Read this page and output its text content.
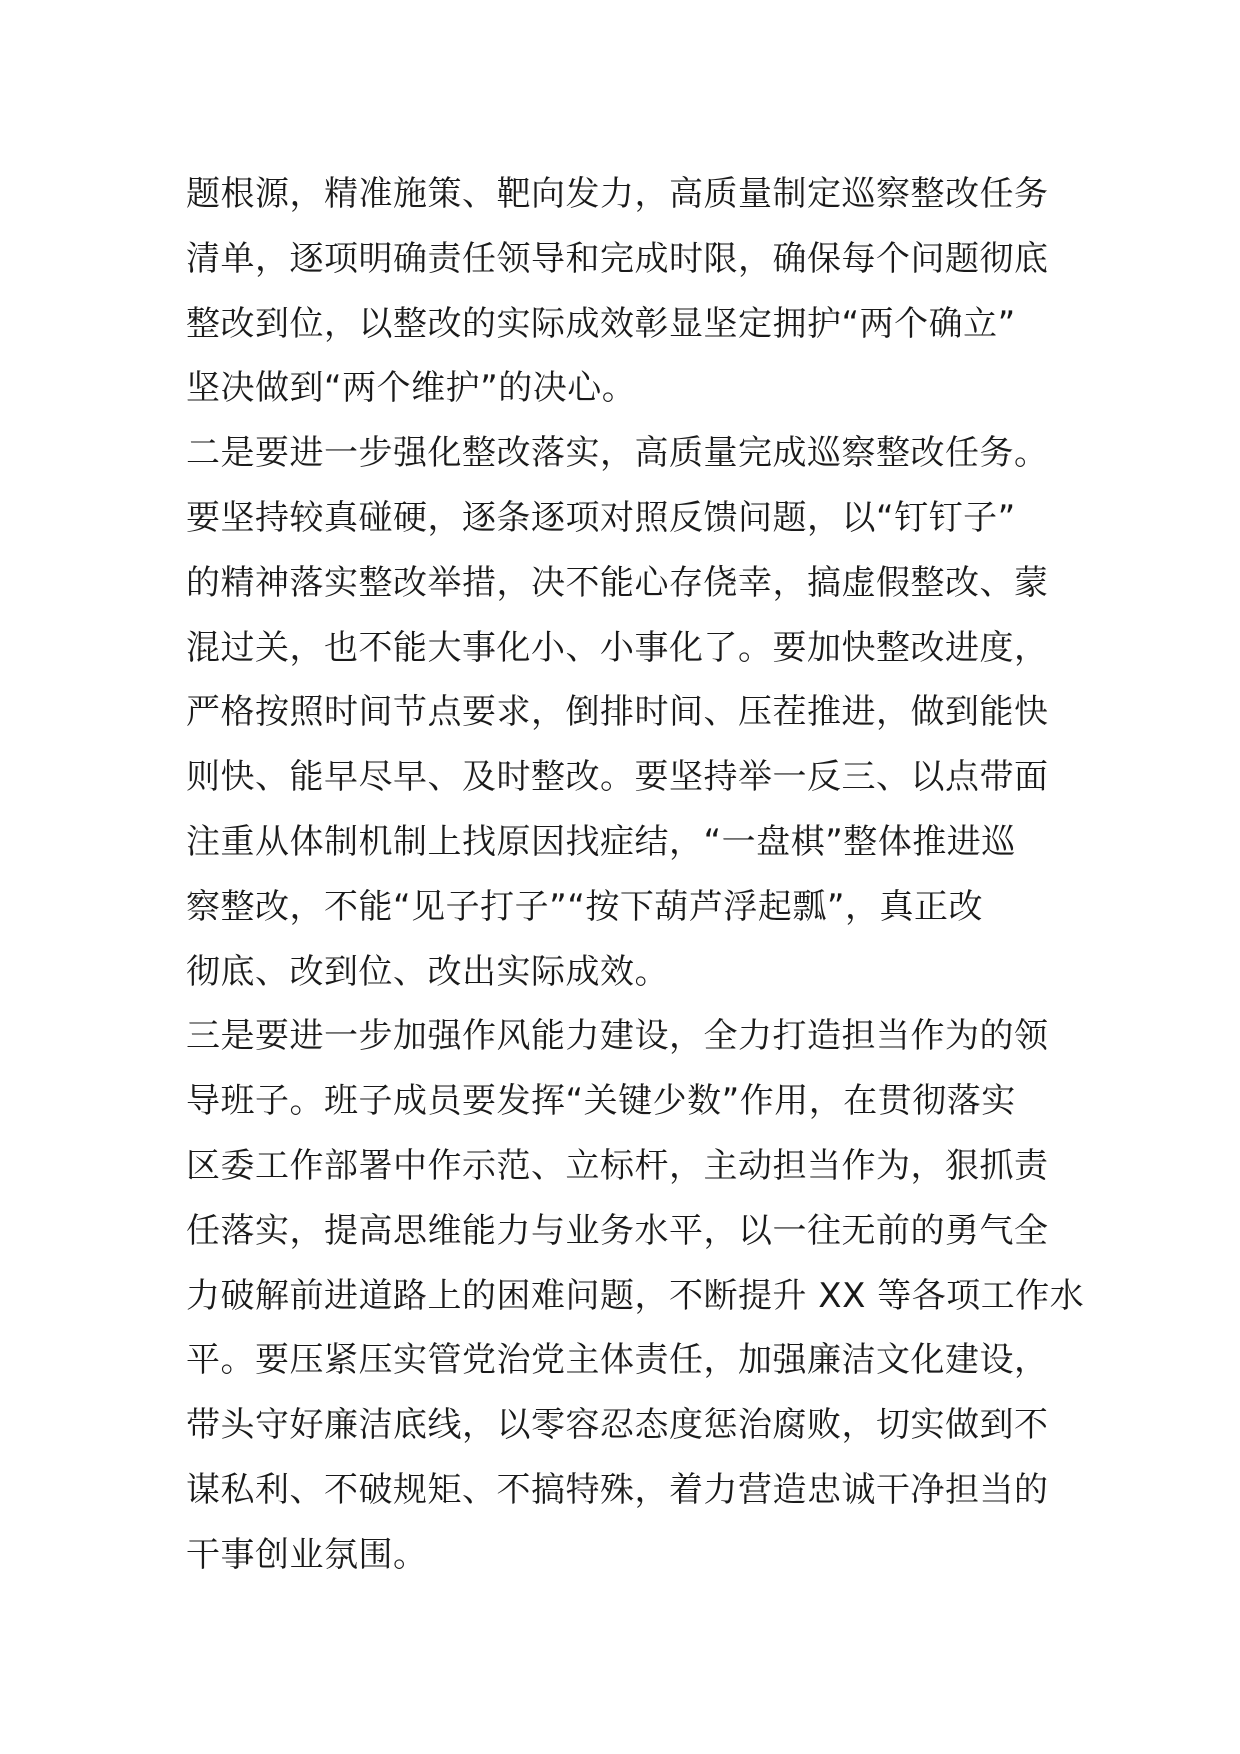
题根源，精准施策、靶向发力，高质量制定巡察整改任务
清单，逐项明确责任领导和完成时限，确保每个问题彻底
整改到位，以整改的实际成效彰显坚定拥护“两个确立”
坚决做到“两个维护”的决心。
二是要进一步强化整改落实，高质量完成巡察整改任务。
要坚持较真碰硬，逐条逐项对照反馈问题，以“钉钉子”
的精神落实整改举措，决不能心存侥幸，搞虚假整改、蒙
混过关，也不能大事化小、小事化了。要加快整改进度，
严格按照时间节点要求，倒排时间、压茬推进，做到能快
则快、能早尽早、及时整改。要坚持举一反三、以点带面
注重从体制机制上找原因找症结，“一盘棋”整体推进巡
察整改，不能“见子打子”“按下葫芦浮起瓢”，真正改
彻底、改到位、改出实际成效。
三是要进一步加强作风能力建设，全力打造担当作为的领
导班子。班子成员要发挥“关键少数”作用，在贯彻落实
区委工作部署中作示范、立标杆，主动担当作为，狠抓责
任落实，提高思维能力与业务水平，以一往无前的勇气全
力破解前进道路上的困难问题，不断提升 XX 等各项工作水
平。要压紧压实管党治党主体责任，加强廉洁文化建设，
带头守好廉洁底线，以零容忍态度惩治腐败，切实做到不
谋私利、不破规矩、不搞特殊，着力营造忠诚干净担当的
干事创业氛围。
